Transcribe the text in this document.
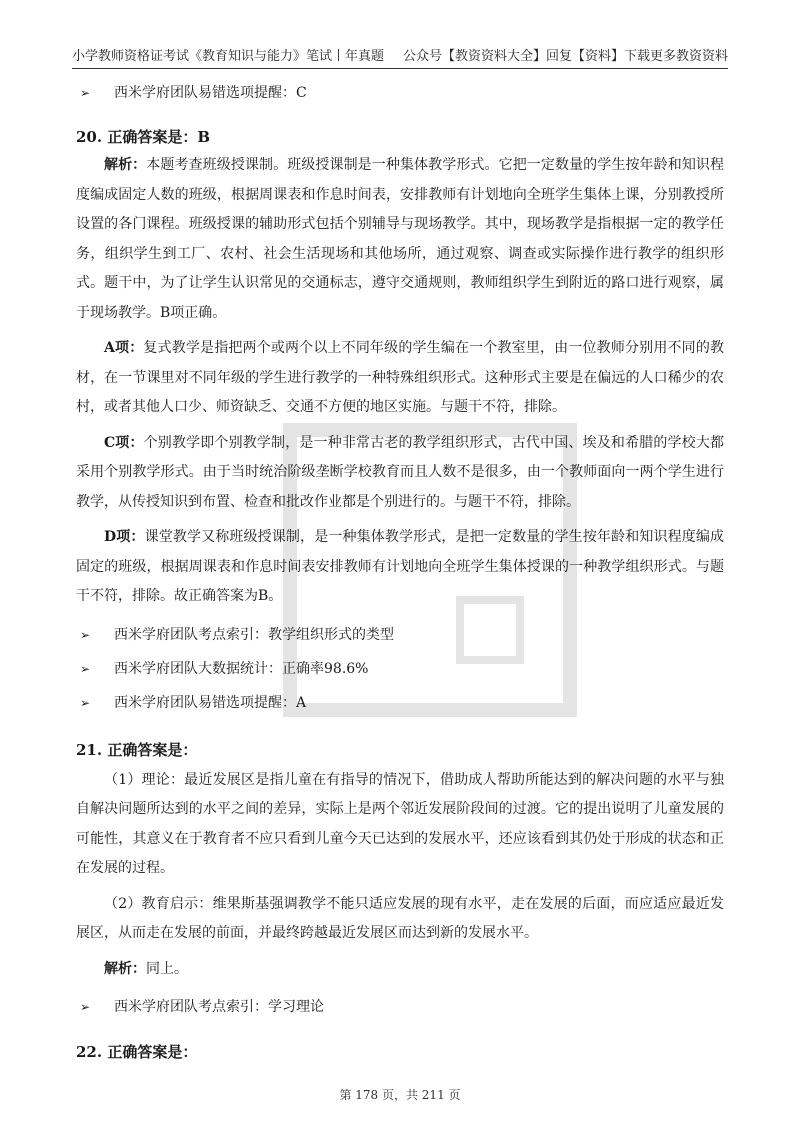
小学教师资格证考试《教育知识与能力》笔试丨年真题 公众号【教资资料大全】回复【资料】下载更多教资资料

➢	西米学府团队易错选项提醒：C

20. 正确答案是：B

解析：本题考查班级授课制。班级授课制是一种集体教学形式。它把一定数量的学生按年龄和知识程度编成固定人数的班级，根据周课表和作息时间表，安排教师有计划地向全班学生集体上课，分别教授所设置的各门课程。班级授课的辅助形式包括个别辅导与现场教学。其中，现场教学是指根据一定的教学任务，组织学生到工厂、农村、社会生活现场和其他场所，通过观察、调查或实际操作进行教学的组织形式。题干中，为了让学生认识常见的交通标志，遵守交通规则，教师组织学生到附近的路口进行观察，属于现场教学。B项正确。

A项：复式教学是指把两个或两个以上不同年级的学生编在一个教室里，由一位教师分别用不同的教材，在一节课里对不同年级的学生进行教学的一种特殊组织形式。这种形式主要是在偏远的人口稀少的农村，或者其他人口少、师资缺乏、交通不方便的地区实施。与题干不符，排除。

C项：个别教学即个别教学制，是一种非常古老的教学组织形式，古代中国、埃及和希腊的学校大都采用个别教学形式。由于当时统治阶级垄断学校教育而且人数不是很多，由一个教师面向一两个学生进行教学，从传授知识到布置、检查和批改作业都是个别进行的。与题干不符，排除。

D项：课堂教学又称班级授课制，是一种集体教学形式，是把一定数量的学生按年龄和知识程度编成固定的班级，根据周课表和作息时间表安排教师有计划地向全班学生集体授课的一种教学组织形式。与题干不符，排除。故正确答案为B。

➢	西米学府团队考点索引：教学组织形式的类型

➢	西米学府团队大数据统计：正确率98.6%

➢	西米学府团队易错选项提醒：A

21. 正确答案是：

（1）理论：最近发展区是指儿童在有指导的情况下，借助成人帮助所能达到的解决问题的水平与独自解决问题所达到的水平之间的差异，实际上是两个邻近发展阶段间的过渡。它的提出说明了儿童发展的可能性，其意义在于教育者不应只看到儿童今天已达到的发展水平，还应该看到其仍处于形成的状态和正在发展的过程。

（2）教育启示：维果斯基强调教学不能只适应发展的现有水平，走在发展的后面，而应适应最近发展区，从而走在发展的前面，并最终跨越最近发展区而达到新的发展水平。

解析：同上。

➢	西米学府团队考点索引：学习理论

22. 正确答案是：

第 178 页，共 211 页
